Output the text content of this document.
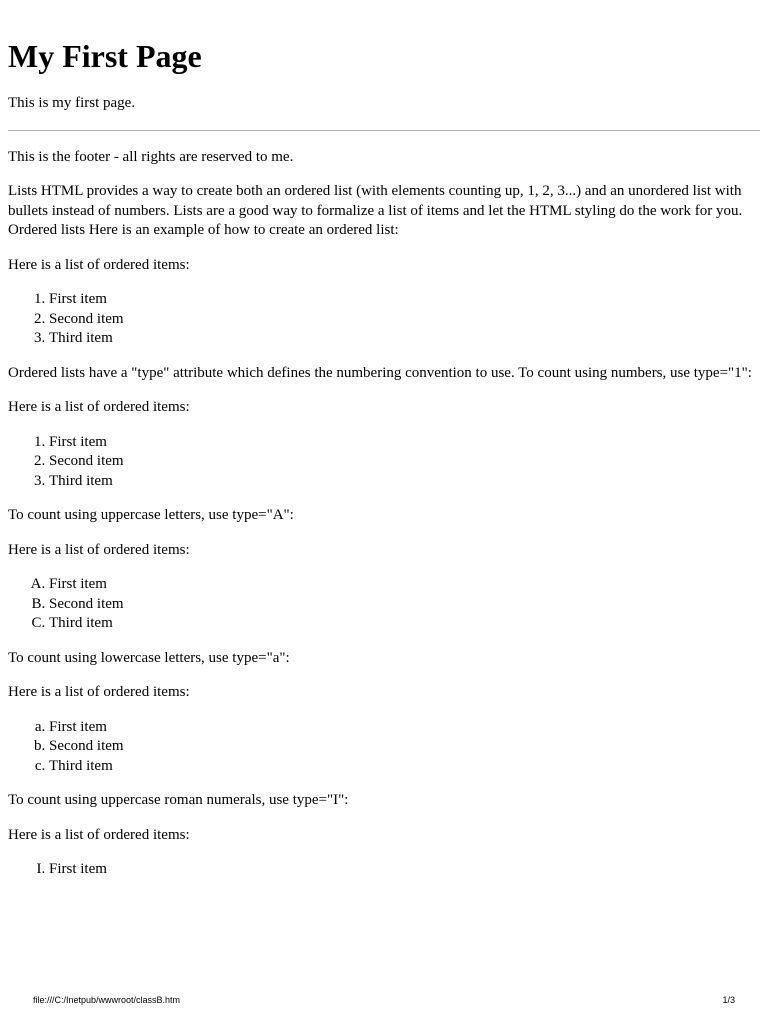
My First Page

This is my first page.

This is the footer - all rights are reserved to me.

Lists HTML provides a way to create both an ordered list (with elements counting up, 1, 2, 3...) and an unordered list with bullets instead of numbers. Lists are a good way to formalize a list of items and let the HTML styling do the work for you. Ordered lists Here is an example of how to create an ordered list:

Here is a list of ordered items:

1. First item
2. Second item
3. Third item

Ordered lists have a "type" attribute which defines the numbering convention to use. To count using numbers, use type="1":

Here is a list of ordered items:

1. First item
2. Second item
3. Third item

To count using uppercase letters, use type="A":

Here is a list of ordered items:

A. First item
B. Second item
C. Third item

To count using lowercase letters, use type="a":

Here is a list of ordered items:

a. First item
b. Second item
c. Third item

To count using uppercase roman numerals, use type="I":

Here is a list of ordered items:

I. First item
file:///C:/Inetpub/wwwroot/classB.htm	1/3
